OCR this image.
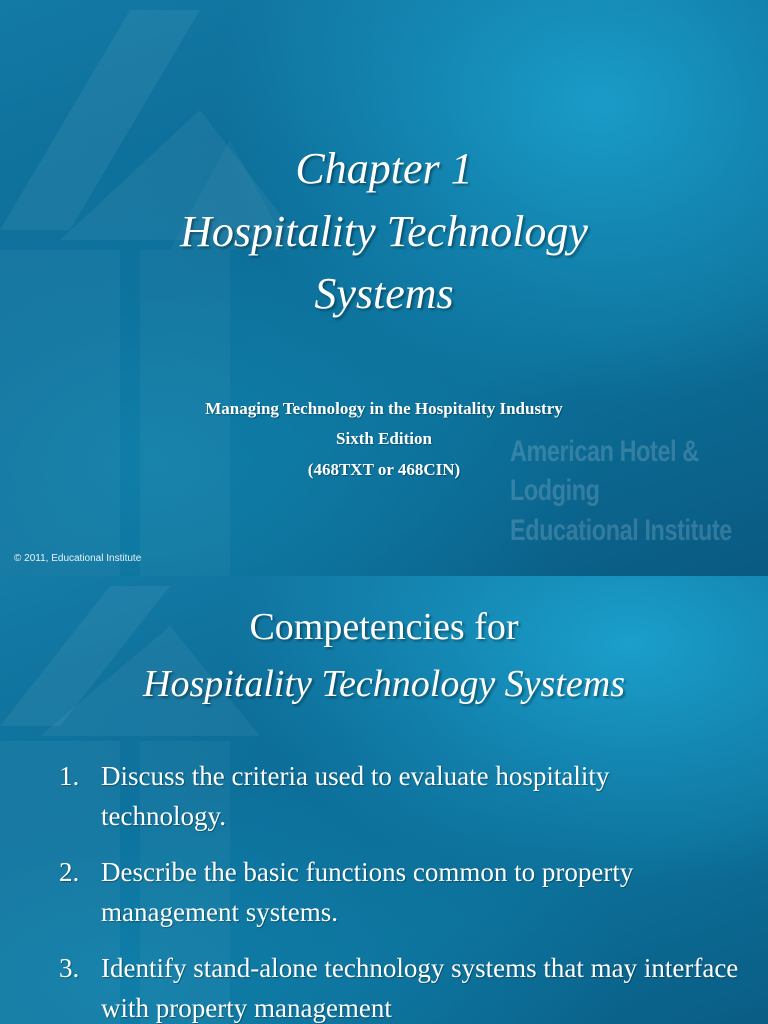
Chapter 1
Hospitality Technology
Systems
Managing Technology in the Hospitality Industry
Sixth Edition
(468TXT or 468CIN)
American Hotel &
Lodging
Educational Institute
© 2011, Educational Institute
Competencies for
Hospitality Technology Systems
1. Discuss the criteria used to evaluate hospitality technology.
2. Describe the basic functions common to property management systems.
3. Identify stand-alone technology systems that may interface with property management
